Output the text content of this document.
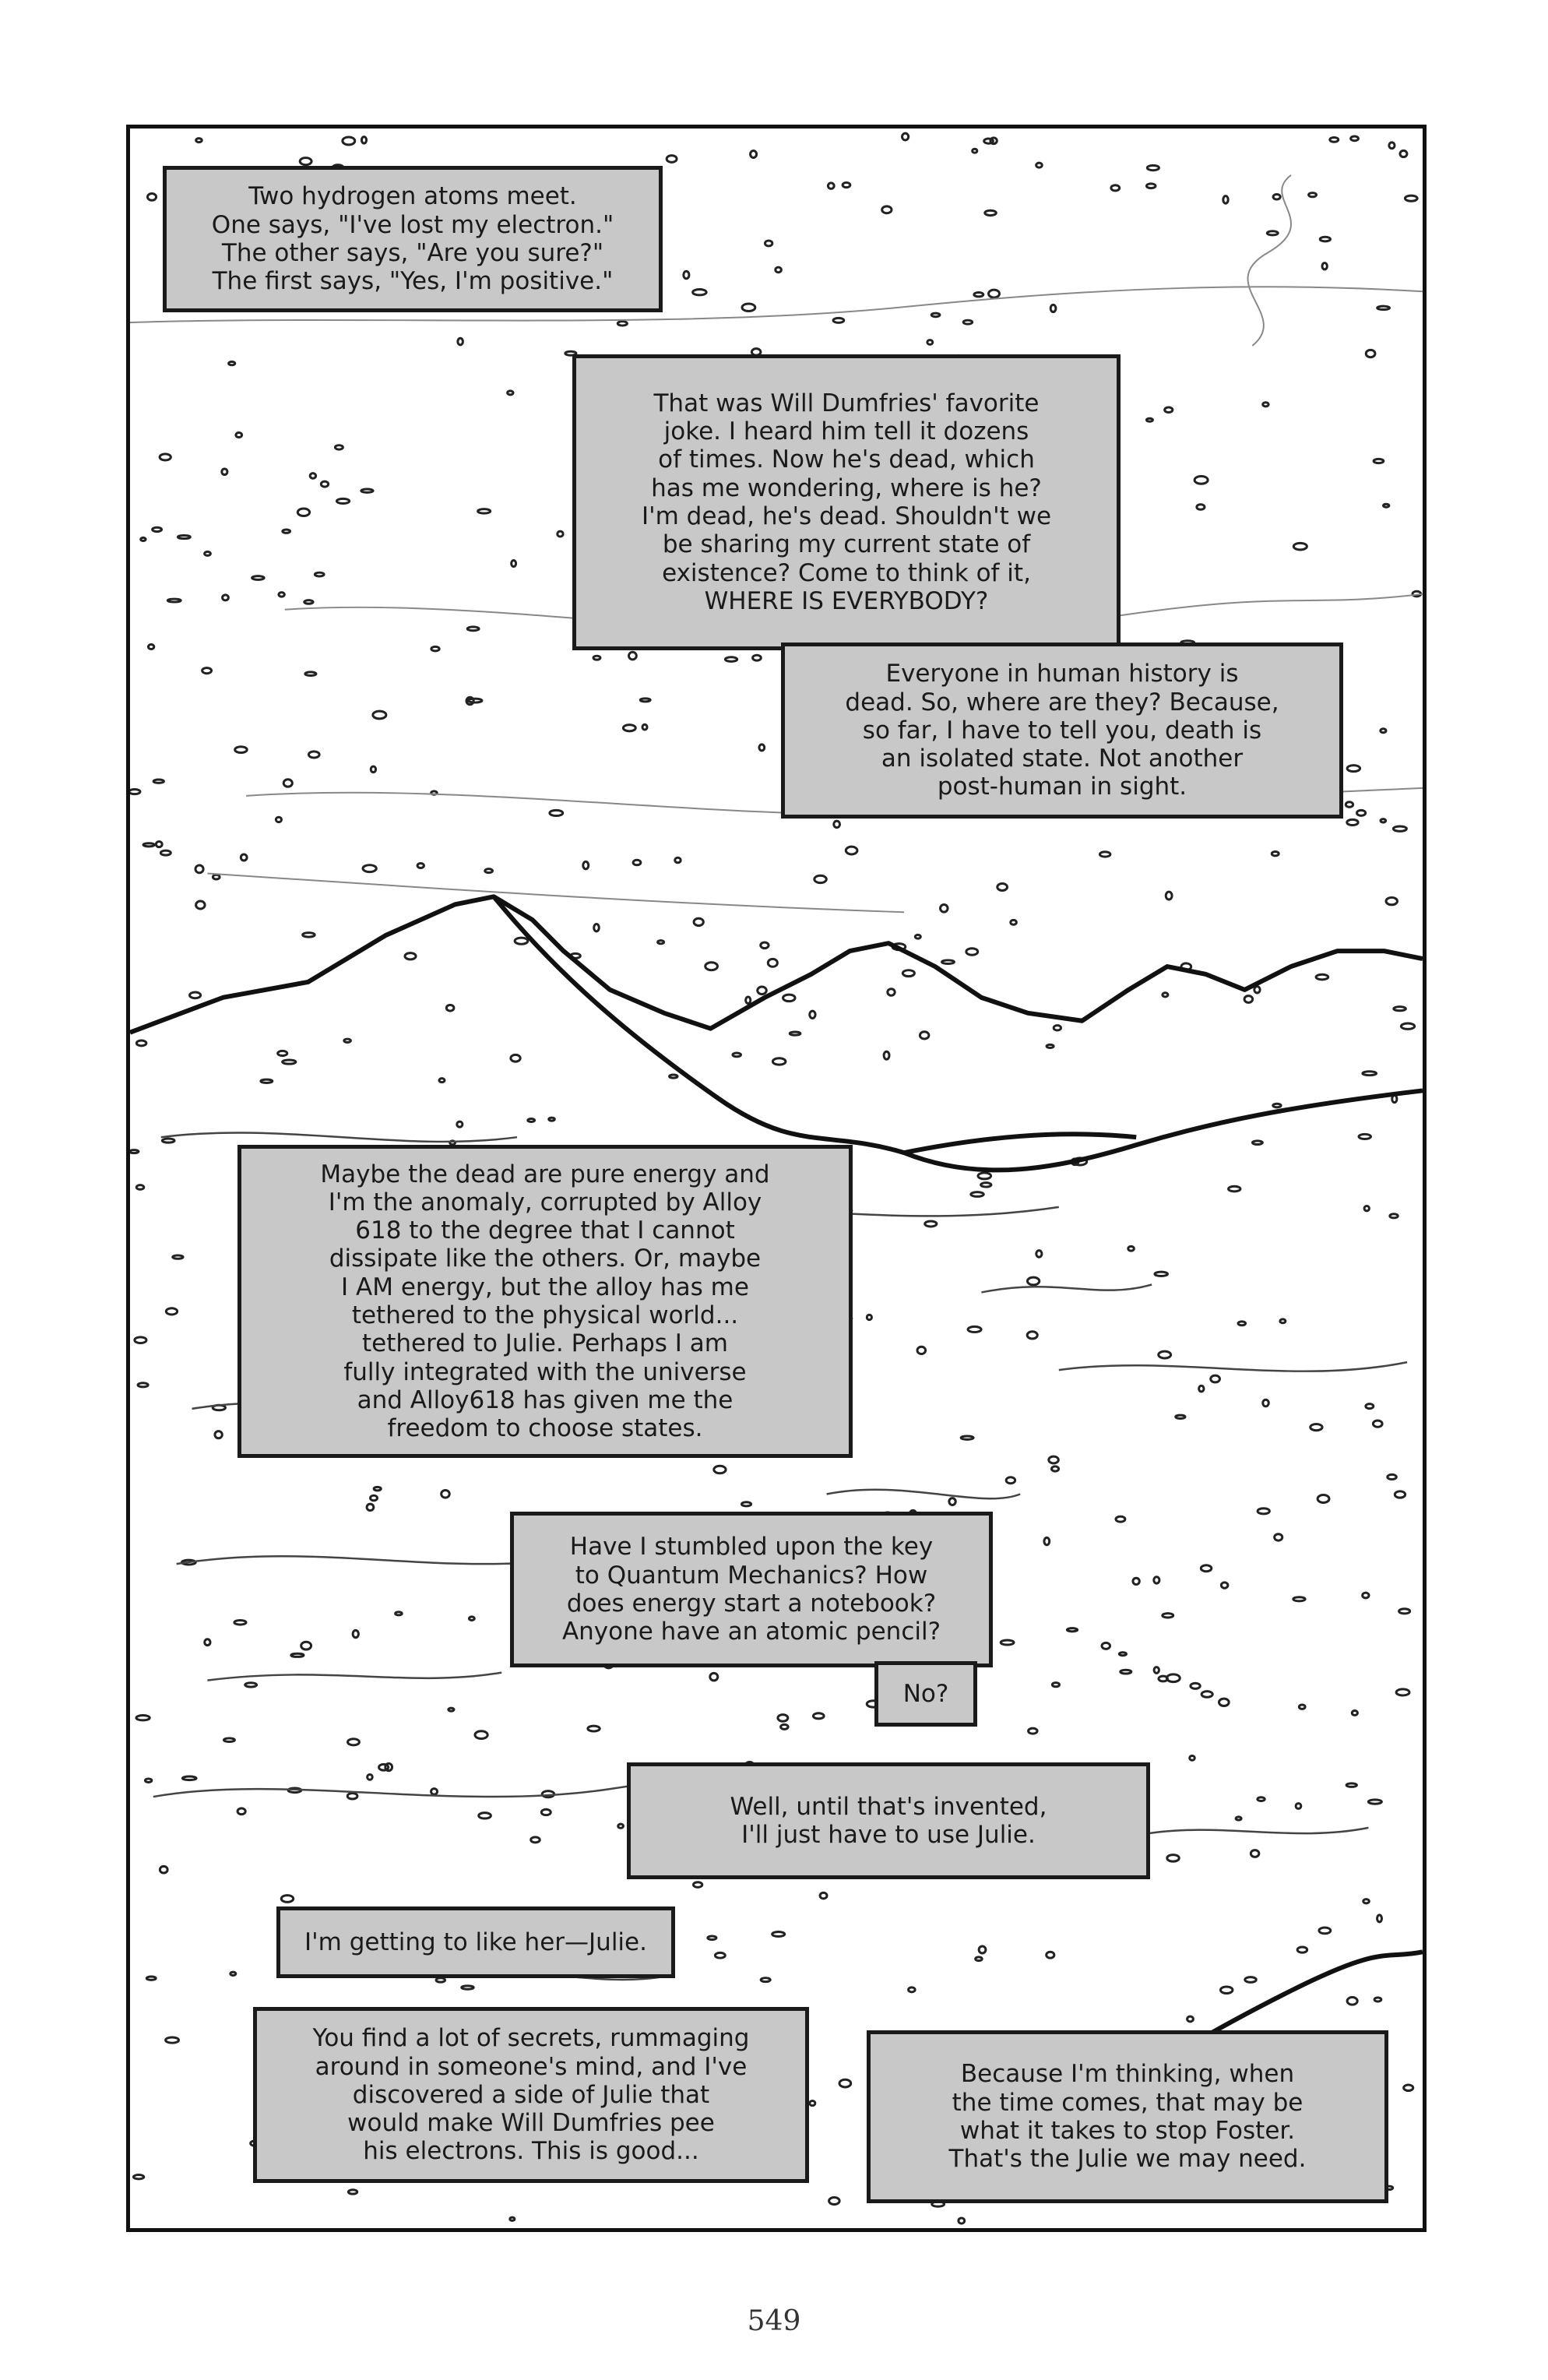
Two hydrogen atoms meet.
One says, "I've lost my electron."
The other says, "Are you sure?"
The first says, "Yes, I'm positive."
That was Will Dumfries' favorite
joke. I heard him tell it dozens
of times. Now he's dead, which
has me wondering, where is he?
I'm dead, he's dead. Shouldn't we
be sharing my current state of
existence? Come to think of it,
WHERE IS EVERYBODY?
Everyone in human history is
dead. So, where are they? Because,
so far, I have to tell you, death is
an isolated state. Not another
post-human in sight.
Maybe the dead are pure energy and
I'm the anomaly, corrupted by Alloy
618 to the degree that I cannot
dissipate like the others. Or, maybe
I AM energy, but the alloy has me
tethered to the physical world...
tethered to Julie. Perhaps I am
fully integrated with the universe
and Alloy618 has given me the
freedom to choose states.
Have I stumbled upon the key
to Quantum Mechanics? How
does energy start a notebook?
Anyone have an atomic pencil?
No?
Well, until that's invented,
I'll just have to use Julie.
I'm getting to like her—Julie.
You find a lot of secrets, rummaging
around in someone's mind, and I've
discovered a side of Julie that
would make Will Dumfries pee
his electrons. This is good...
Because I'm thinking, when
the time comes, that may be
what it takes to stop Foster.
That's the Julie we may need.
549
